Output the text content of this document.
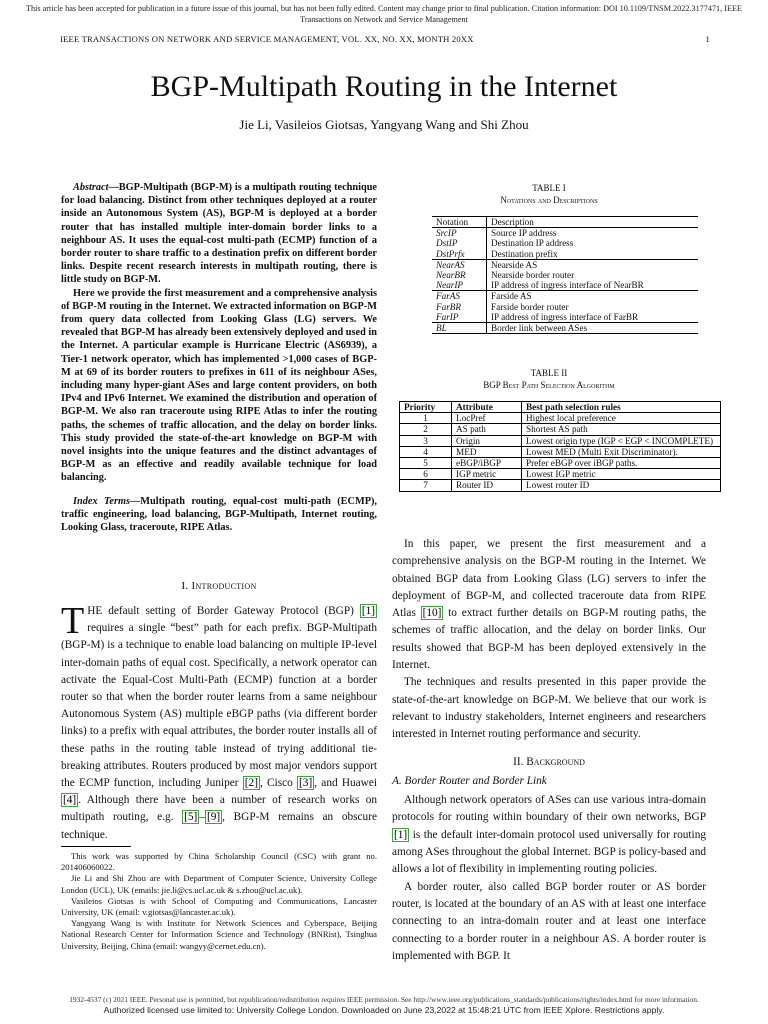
This article has been accepted for publication in a future issue of this journal, but has not been fully edited. Content may change prior to final publication. Citation information: DOI 10.1109/TNSM.2022.3177471, IEEE Transactions on Network and Service Management
IEEE TRANSACTIONS ON NETWORK AND SERVICE MANAGEMENT, VOL. XX, NO. XX, MONTH 20XX	1
BGP-Multipath Routing in the Internet
Jie Li, Vasileios Giotsas, Yangyang Wang and Shi Zhou

Abstract—BGP-Multipath (BGP-M) is a multipath routing technique for load balancing. Distinct from other techniques deployed at a router inside an Autonomous System (AS), BGP-M is deployed at a border router that has installed multiple inter-domain border links to a neighbour AS. It uses the equal-cost multi-path (ECMP) function of a border router to share traffic to a destination prefix on different border links. Despite recent research interests in multipath routing, there is little study on BGP-M.

Here we provide the first measurement and a comprehensive analysis of BGP-M routing in the Internet. We extracted information on BGP-M from query data collected from Looking Glass (LG) servers. We revealed that BGP-M has already been extensively deployed and used in the Internet. A particular example is Hurricane Electric (AS6939), a Tier-1 network operator, which has implemented >1,000 cases of BGP-M at 69 of its border routers to prefixes in 611 of its neighbour ASes, including many hyper-giant ASes and large content providers, on both IPv4 and IPv6 Internet. We examined the distribution and operation of BGP-M. We also ran traceroute using RIPE Atlas to infer the routing paths, the schemes of traffic allocation, and the delay on border links. This study provided the state-of-the-art knowledge on BGP-M with novel insights into the unique features and the distinct advantages of BGP-M as an effective and readily available technique for load balancing.

Index Terms—Multipath routing, equal-cost multi-path (ECMP), traffic engineering, load balancing, BGP-Multipath, Internet routing, Looking Glass, traceroute, RIPE Atlas.

I. Introduction
THE default setting of Border Gateway Protocol (BGP) [1] requires a single “best” path for each prefix. BGP-Multipath (BGP-M) is a technique to enable load balancing on multiple IP-level inter-domain paths of equal cost. Specifically, a network operator can activate the Equal-Cost Multi-Path (ECMP) function at a border router so that when the border router learns from a same neighbour Autonomous System (AS) multiple eBGP paths (via different border links) to a prefix with equal attributes, the border router installs all of these paths in the routing table instead of trying additional tie-breaking attributes. Routers produced by most major vendors support the ECMP function, including Juniper [2] , Cisco [3] , and Huawei [4] . Although there have been a number of research works on multipath routing, e.g. [5] – [9] , BGP-M remains an obscure technique.

This work was supported by China Scholarship Council (CSC) with grant no. 201406060022.

Jie Li and Shi Zhou are with Department of Computer Science, University College London (UCL), UK (emails: jie.li@cs.ucl.ac.uk & s.zhou@ucl.ac.uk).

Vasileios Giotsas is with School of Computing and Communications, Lancaster University, UK (email: v.giotsas@lancaster.ac.uk).

Yangyang Wang is with Institute for Network Sciences and Cyberspace, Beijing National Research Center for Information Science and Technology (BNRist), Tsinghua University, Beijing, China (email: wangyy@cernet.edu.cn).

TABLE I
Notations and Descriptions
Notation	Description
SrcIP	Source IP address
DstIP	Destination IP address
DstPrfx	Destination prefix
NearAS	Nearside AS
NearBR	Nearside border router
NearIP	IP address of ingress interface of NearBR
FarAS	Farside AS
FarBR	Farside border router
FarIP	IP address of ingress interface of FarBR
BL	Border link between ASes
TABLE II
BGP Best Path Selection Algorithm
Priority	Attribute	Best path selection rules
1	LocPref	Highest local preference
2	AS path	Shortest AS path
3	Origin	Lowest origin type (IGP < EGP < INCOMPLETE)
4	MED	Lowest MED (Multi Exit Discriminator).
5	eBGP/iBGP	Prefer eBGP over iBGP paths.
6	IGP metric	Lowest IGP metric
7	Router ID	Lowest router ID

In this paper, we present the first measurement and a comprehensive analysis on the BGP-M routing in the Internet. We obtained BGP data from Looking Glass (LG) servers to infer the deployment of BGP-M, and collected traceroute data from RIPE Atlas [10] to extract further details on BGP-M routing paths, the schemes of traffic allocation, and the delay on border links. Our results showed that BGP-M has been deployed extensively in the Internet.

The techniques and results presented in this paper provide the state-of-the-art knowledge on BGP-M. We believe that our work is relevant to industry stakeholders, Internet engineers and researchers interested in Internet routing performance and security.

II. Background
A. Border Router and Border Link

Although network operators of ASes can use various intra-domain protocols for routing within boundary of their own networks, BGP [1] is the default inter-domain protocol used universally for routing among ASes throughout the global Internet. BGP is policy-based and allows a lot of flexibility in implementing routing policies.

A border router, also called BGP border router or AS border router, is located at the boundary of an AS with at least one interface connecting to an intra-domain router and at least one interface connecting to a border router in a neighbour AS. A border router is implemented with BGP. It

1932-4537 (c) 2021 IEEE. Personal use is permitted, but republication/redistribution requires IEEE permission. See http://www.ieee.org/publications_standards/publications/rights/index.html for more information.
Authorized licensed use limited to: University College London. Downloaded on June 23,2022 at 15:48:21 UTC from IEEE Xplore. Restrictions apply.
